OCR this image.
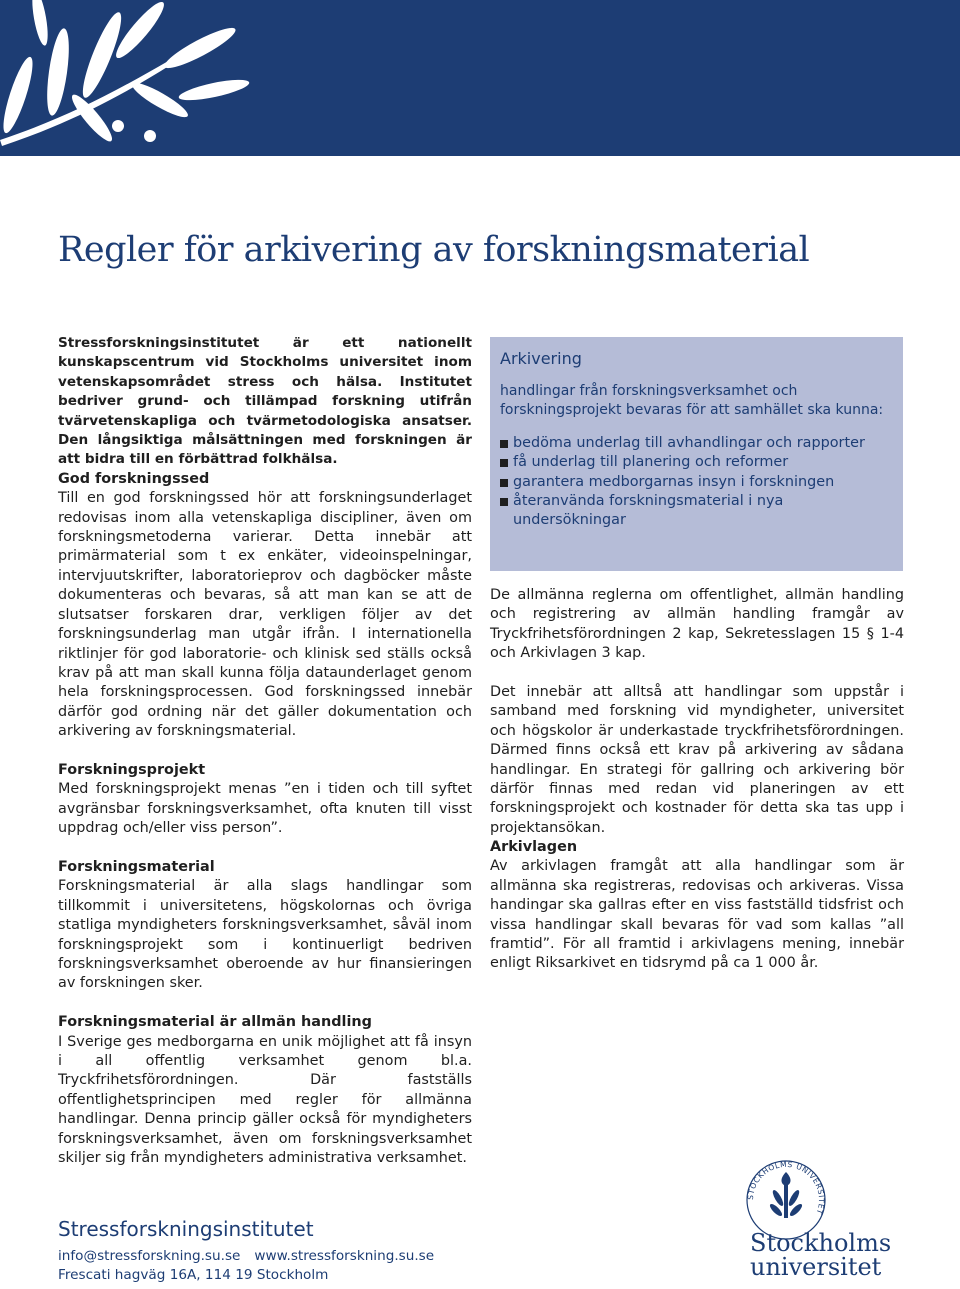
Regler för arkivering av forskningsmaterial

Stressforskningsinstitutet är ett nationellt kunskapscentrum vid Stockholms universitet inom vetenskapsområdet stress och hälsa. Institutet bedriver grund- och tillämpad forskning utifrån tvärvetenskapliga och tvärmetodologiska ansatser. Den långsiktiga målsättningen med forskningen är att bidra till en förbättrad folkhälsa.

God forskningssed

Till en god forskningssed hör att forskningsunderlaget redovisas inom alla vetenskapliga discipliner, även om forskningsmetoderna varierar. Detta innebär att primärmaterial som t ex enkäter, videoinspelningar, intervjuutskrifter, laboratorieprov och dagböcker måste dokumenteras och bevaras, så att man kan se att de slutsatser forskaren drar, verkligen följer av det forskningsunderlag man utgår ifrån. I internationella riktlinjer för god laboratorie- och klinisk sed ställs också krav på att man skall kunna följa dataunderlaget genom hela forskningsprocessen. God forskningssed innebär därför god ordning när det gäller dokumentation och arkivering av forskningsmaterial.

Forskningsprojekt

Med forskningsprojekt menas ”en i tiden och till syftet avgränsbar forskningsverksamhet, ofta knuten till visst uppdrag och/eller viss person”.

Forskningsmaterial

Forskningsmaterial är alla slags handlingar som tillkommit i universitetens, högskolornas och övriga statliga myndigheters forskningsverksamhet, såväl inom forskningsprojekt som i kontinuerligt bedriven forskningsverksamhet oberoende av hur finansieringen av forskningen sker.

Forskningsmaterial är allmän handling

I Sverige ges medborgarna en unik möjlighet att få insyn i all offentlig verksamhet genom bl.a. Tryckfrihetsförordningen. Där fastställs offentlighetsprincipen med regler för allmänna handlingar. Denna princip gäller också för myndigheters forskningsverksamhet, även om forskningsverksamhet skiljer sig från myndigheters administrativa verksamhet.

Arkivering

handlingar från forskningsverksamhet och forskningsprojekt bevaras för att samhället ska kunna:

bedöma underlag till avhandlingar och rapporter
få underlag till planering och reformer
garantera medborgarnas insyn i forskningen
återanvända forskningsmaterial i nya undersökningar

De allmänna reglerna om offentlighet, allmän handling och registrering av allmän handling framgår av Tryckfrihetsförordningen 2 kap, Sekretesslagen 15 § 1-4 och Arkivlagen 3 kap.

Det innebär att alltså att handlingar som uppstår i samband med forskning vid myndigheter, universitet och högskolor är underkastade tryckfrihetsförordningen. Därmed finns också ett krav på arkivering av sådana handlingar. En strategi för gallring och arkivering bör därför finnas med redan vid planeringen av ett forskningsprojekt och kostnader för detta ska tas upp i projektansökan.

Arkivlagen

Av arkivlagen framgåt att alla handlingar som är allmänna ska registreras, redovisas och arkiveras. Vissa handingar ska gallras efter en viss fastställd tidsfrist och vissa handlingar skall bevaras för vad som kallas ”all framtid”. För all framtid i arkivlagens mening, innebär enligt Riksarkivet en tidsrymd på ca 1 000 år.

Stressforskningsinstitutet

info@stressforskning.su.se www.stressforskning.su.se
Frescati hagväg 16A, 114 19 Stockholm
STOCKHOLMS UNIVERSITET
Stockholms
universitet
